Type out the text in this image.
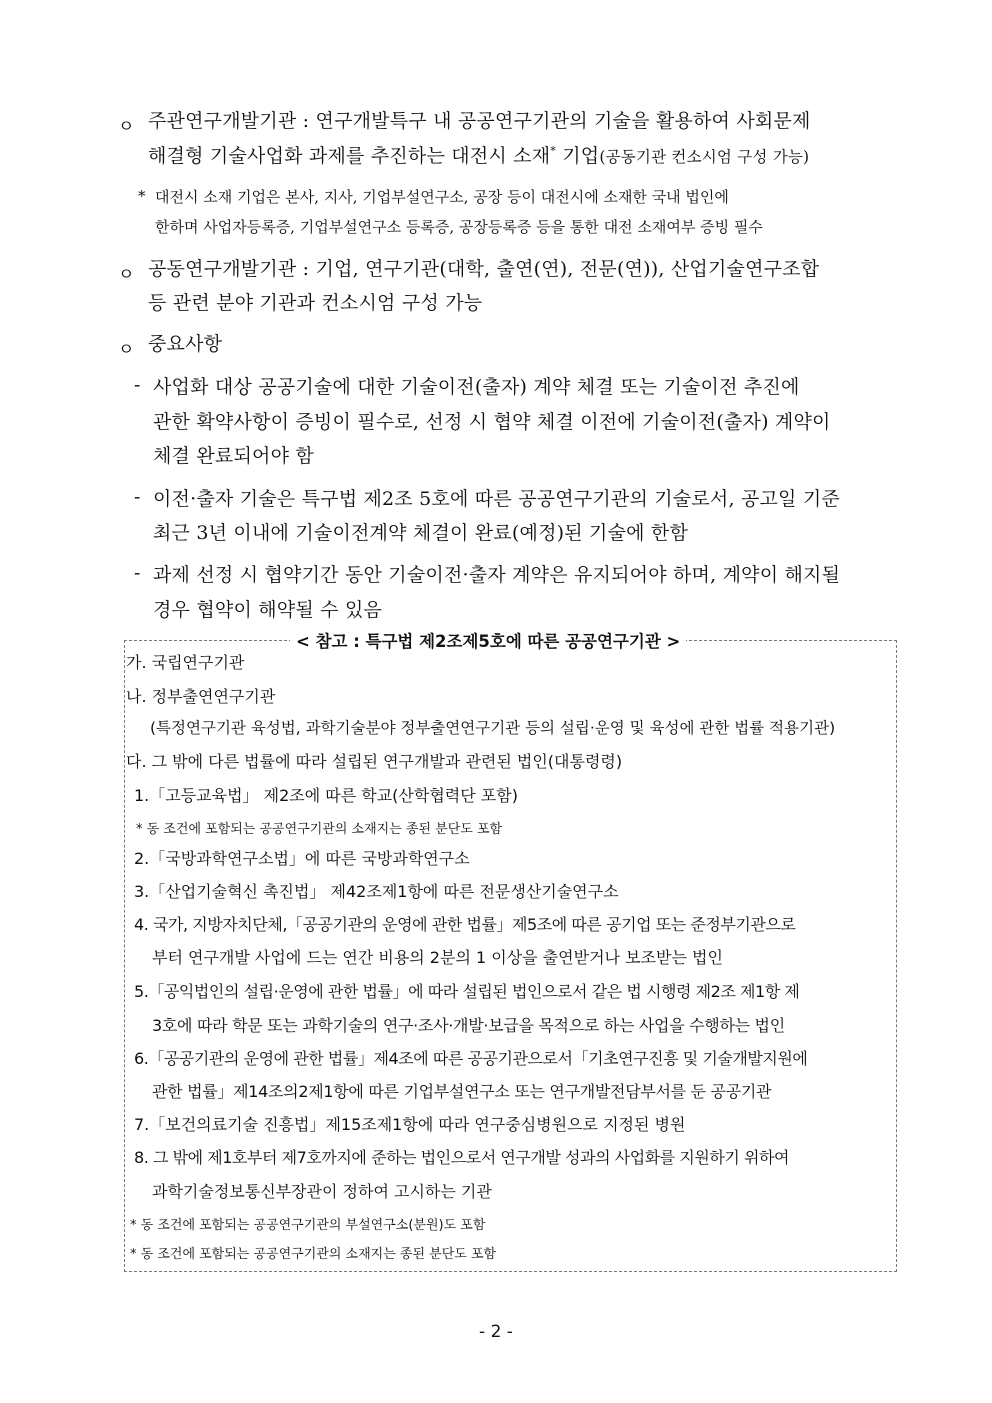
ㅇ 주관연구개발기관 : 연구개발특구 내 공공연구기관의 기술을 활용하여 사회문제
해결형 기술사업화 과제를 추진하는 대전시 소재* 기업(공동기관 컨소시엄 구성 가능)
* 대전시 소재 기업은 본사, 지사, 기업부설연구소, 공장 등이 대전시에 소재한 국내 법인에
한하며 사업자등록증, 기업부설연구소 등록증, 공장등록증 등을 통한 대전 소재여부 증빙 필수
ㅇ 공동연구개발기관 : 기업, 연구기관(대학, 출연(연), 전문(연)), 산업기술연구조합
등 관련 분야 기관과 컨소시엄 구성 가능
ㅇ 중요사항
- 사업화 대상 공공기술에 대한 기술이전(출자) 계약 체결 또는 기술이전 추진에
관한 확약사항이 증빙이 필수로, 선정 시 협약 체결 이전에 기술이전(출자) 계약이
체결 완료되어야 함
- 이전·출자 기술은 특구법 제2조 5호에 따른 공공연구기관의 기술로서, 공고일 기준
최근 3년 이내에 기술이전계약 체결이 완료(예정)된 기술에 한함
- 과제 선정 시 협약기간 동안 기술이전·출자 계약은 유지되어야 하며, 계약이 해지될
경우 협약이 해약될 수 있음
< 참고 : 특구법 제2조제5호에 따른 공공연구기관 >
가. 국립연구기관
나. 정부출연연구기관
(특정연구기관 육성법, 과학기술분야 정부출연연구기관 등의 설립·운영 및 육성에 관한 법률 적용기관)
다. 그 밖에 다른 법률에 따라 설립된 연구개발과 관련된 법인(대통령령)
1.「고등교육법」 제2조에 따른 학교(산학협력단 포함)
* 동 조건에 포함되는 공공연구기관의 소재지는 종된 분단도 포함
2.「국방과학연구소법」에 따른 국방과학연구소
3.「산업기술혁신 촉진법」 제42조제1항에 따른 전문생산기술연구소
4. 국가, 지방자치단체,「공공기관의 운영에 관한 법률」제5조에 따른 공기업 또는 준정부기관으로
부터 연구개발 사업에 드는 연간 비용의 2분의 1 이상을 출연받거나 보조받는 법인
5.「공익법인의 설립·운영에 관한 법률」에 따라 설립된 법인으로서 같은 법 시행령 제2조 제1항 제
3호에 따라 학문 또는 과학기술의 연구·조사·개발·보급을 목적으로 하는 사업을 수행하는 법인
6.「공공기관의 운영에 관한 법률」제4조에 따른 공공기관으로서「기초연구진흥 및 기술개발지원에
관한 법률」제14조의2제1항에 따른 기업부설연구소 또는 연구개발전담부서를 둔 공공기관
7.「보건의료기술 진흥법」제15조제1항에 따라 연구중심병원으로 지정된 병원
8. 그 밖에 제1호부터 제7호까지에 준하는 법인으로서 연구개발 성과의 사업화를 지원하기 위하여
과학기술정보통신부장관이 정하여 고시하는 기관
* 동 조건에 포함되는 공공연구기관의 부설연구소(분원)도 포함
* 동 조건에 포함되는 공공연구기관의 소재지는 종된 분단도 포함
- 2 -
